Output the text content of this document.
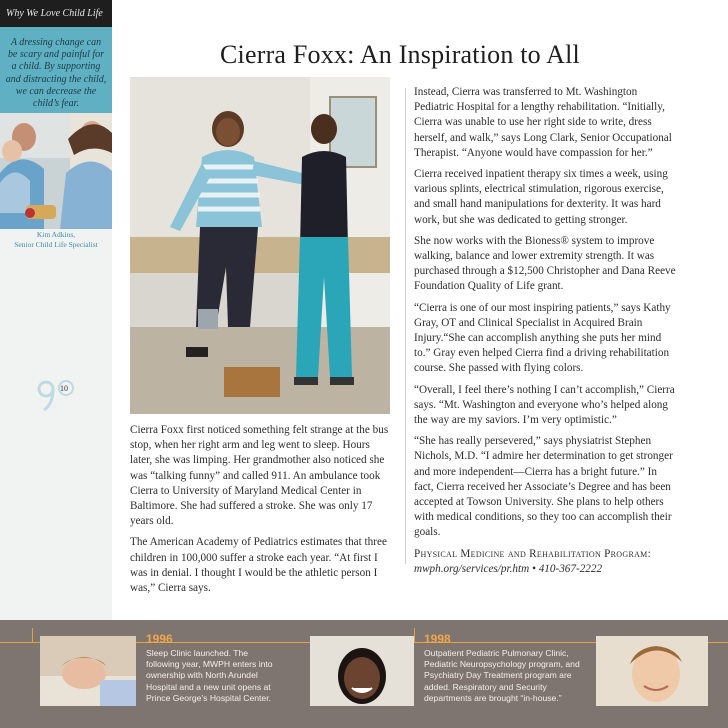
Why We Love Child Life
A dressing change can be scary and painful for a child. By supporting and distracting the child, we can decrease the child’s fear.
Kim Adkins,
Senior Child Life Specialist
10
Cierra Foxx: An Inspiration to All

Cierra Foxx first noticed something felt strange at the bus stop, when her right arm and leg went to sleep. Hours later, she was limping. Her grandmother also noticed she was “talking funny” and called 911. An ambulance took Cierra to University of Maryland Medical Center in Baltimore. She had suffered a stroke. She was only 17 years old.

The American Academy of Pediatrics estimates that three children in 100,000 suffer a stroke each year. “At first I was in denial. I thought I would be the athletic person I was,” Cierra says.

Instead, Cierra was transferred to Mt. Washington Pediatric Hospital for a lengthy rehabilitation. “Initially, Cierra was unable to use her right side to write, dress herself, and walk,” says Long Clark, Senior Occupational Therapist. “Anyone would have compassion for her.”

Cierra received inpatient therapy six times a week, using various splints, electrical stimulation, rigorous exercise, and small hand manipulations for dexterity. It was hard work, but she was dedicated to getting stronger.

She now works with the Bioness® system to improve walking, balance and lower extremity strength. It was purchased through a $12,500 Christopher and Dana Reeve Foundation Quality of Life grant.

“Cierra is one of our most inspiring patients,” says Kathy Gray, OT and Clinical Specialist in Acquired Brain Injury.“She can accomplish anything she puts her mind to.” Gray even helped Cierra find a driving rehabilitation course. She passed with flying colors.

“Overall, I feel there’s nothing I can’t accomplish,” Cierra says. “Mt. Washington and everyone who’s helped along the way are my saviors. I’m very optimistic.”

“She has really persevered,” says physiatrist Stephen Nichols, M.D. “I admire her determination to get stronger and more independent—Cierra has a bright future.” In fact, Cierra received her Associate’s Degree and has been accepted at Towson University. She plans to help others with medical conditions, so they too can accomplish their goals.

Physical Medicine and Rehabilitation Program:
mwph.org/services/pr.htm • 410-367-2222
1996
Sleep Clinic launched. The following year, MWPH enters into ownership with North Arundel Hospital and a new unit opens at Prince George’s Hospital Center.
1998
Outpatient Pediatric Pulmonary Clinic, Pediatric Neuropsychology program, and Psychiatry Day Treatment program are added. Respiratory and Security departments are brought “in-house.”
